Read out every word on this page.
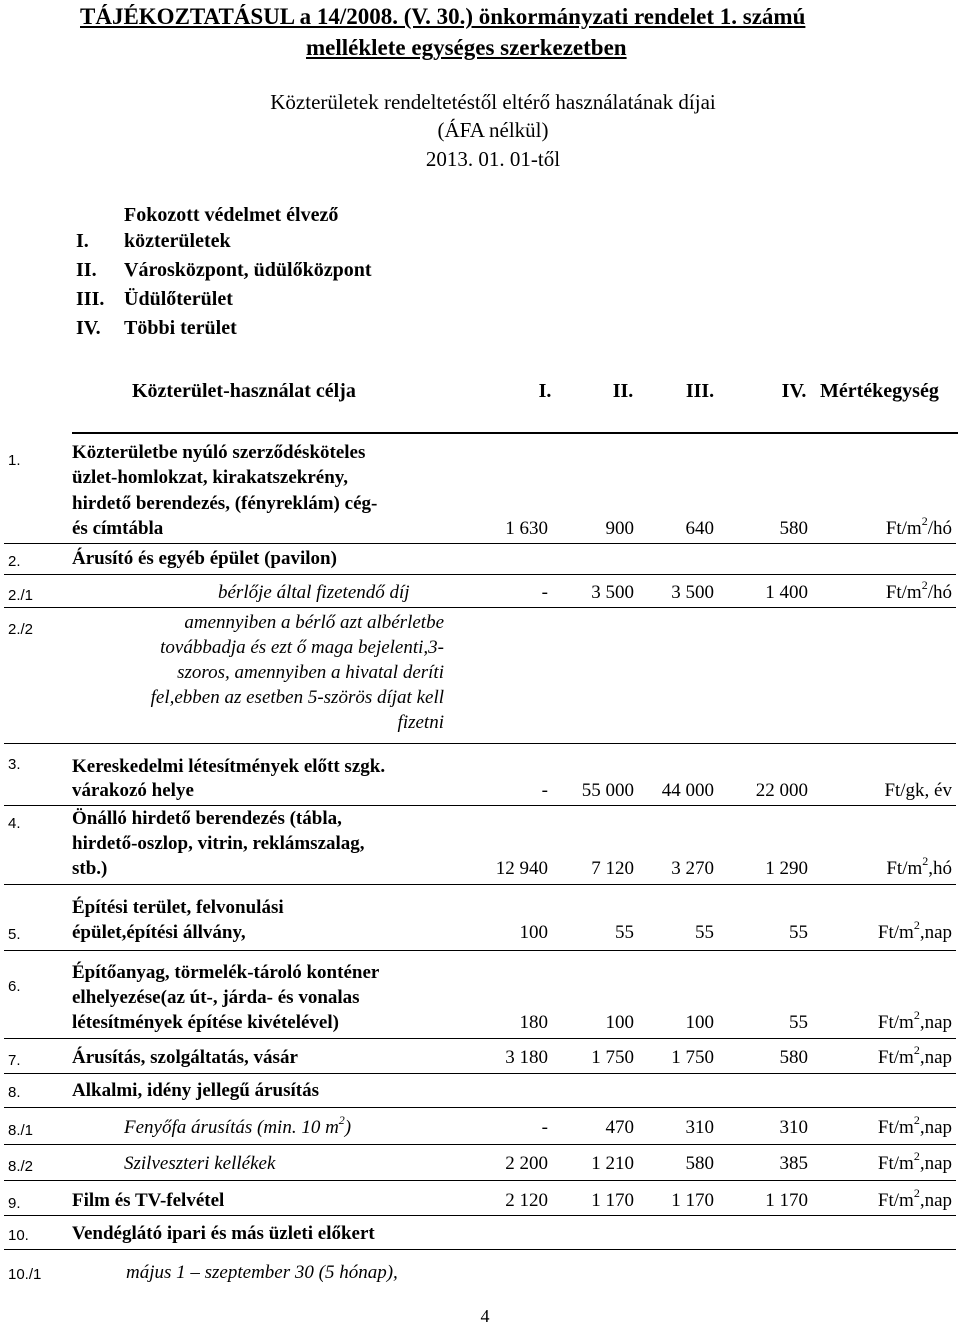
TÁJÉKOZTATÁSUL a 14/2008. (V. 30.) önkormányzati rendelet 1. számú
melléklete egységes szerkezetben
Közterületek rendeltetéstől eltérő használatának díjai
(ÁFA nélkül)
2013. 01. 01-től
Fokozott védelmet élvező
I. közterületek
II. Városközpont, üdülőközpont
III. Üdülőterület
IV. Többi terület
Közterület-használat célja	I.	II.	III.	IV. Mértékegység
1.	Közterületbe nyúló szerződésköteles
üzlet-homlokzat, kirakatszekrény,
hirdető berendezés, (fényreklám) cég-
és címtábla	1 630	900	640	580	$Ft/m^2/hó$
2.	Árusító és egyéb épület (pavilon)
2./1	bérlője által fizetendő díj	-	3 500	3 500	1 400	$Ft/m^2/hó$
2./2	amennyiben a bérlő azt albérletbe
továbbadja és ezt ő maga bejelenti,3-
szoros, amennyiben a hivatal deríti
fel,ebben az esetben 5-szörös díjat kell
fizetni
3.	Kereskedelmi létesítmények előtt szgk.
várakozó helye	-	55 000	44 000	22 000	Ft/gk, év
4.	Önálló hirdető berendezés (tábla,
hirdető-oszlop, vitrin, reklámszalag,
stb.)	12 940	7 120	3 270	1 290	$Ft/m^2,hó$
5.
Építési terület, felvonulási
épület,építési állvány,	100	55	55	55	$Ft/m^2,nap$
6.
Építőanyag, törmelék-tároló konténer
elhelyezése(az út-, járda- és vonalas
létesítmények építése kivételével)	180	100	100	55	$Ft/m^2,nap$
7.	Árusítás, szolgáltatás, vásár	3 180	1 750	1 750	580	$Ft/m^2,nap$
8.	Alkalmi, idény jellegű árusítás
8./1	Fenyőfa árusítás (min. 10 $m^2$)	-	470	310	310	$Ft/m^2,nap$
8./2	Szilveszteri kellékek	2 200	1 210	580	385	$Ft/m^2,nap$
9.	Film és TV-felvétel	2 120	1 170	1 170	1 170	$Ft/m^2,nap$
10. Vendéglátó ipari és más üzleti előkert
10./1	május 1 – szeptember 30 (5 hónap),
4
